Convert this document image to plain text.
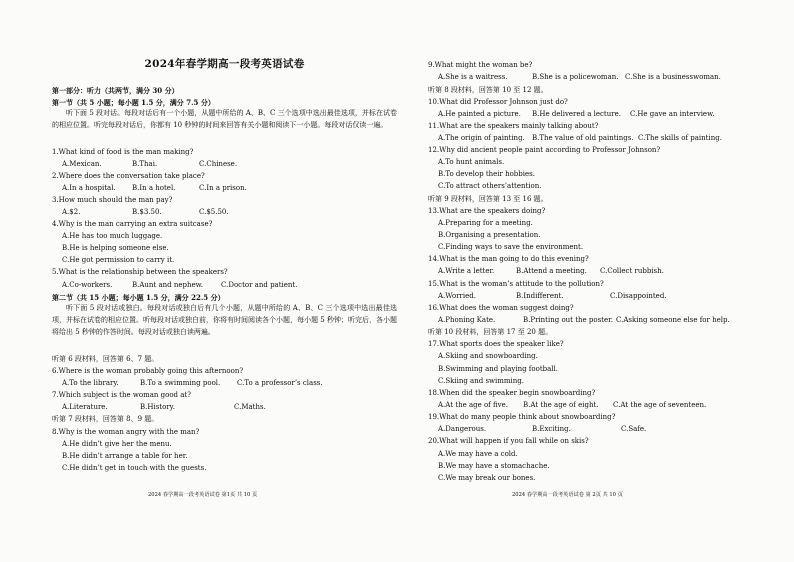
2024年春学期高一段考英语试卷
第一部分：听力（共两节，满分 30 分）
第一节（共 5 小题；每小题 1.5 分，满分 7.5 分）
听下面 5 段对话。每段对话后有一个小题，从题中所给的 A、B、C 三个选项中选出最佳选项，并标在试卷的相应位置。听完每段对话后，你都有 10 秒钟的时间来回答有关小题和阅读下一小题。每段对话仅读一遍。
1.What kind of food is the man making?
A.Mexican.	B.Thai.	C.Chinese.
2.Where does the conversation take place?
A.In a hospital. B.In a hotel.	C.In a prison.
3.How much should the man pay?
A.$2.	B.$3.50.	C.$5.50.
4.Why is the man carrying an extra suitcase?
A.He has too much luggage.
B.He is helping someone else.
C.He got permission to carry it.
5.What is the relationship between the speakers?
A.Co-workers.	B.Aunt and nephew.	C.Doctor and patient.
第二节（共 15 小题；每小题 1.5 分，满分 22.5 分）
听下面 5 段对话或独白。每段对话或独白后有几个小题，从题中所给的 A、B、C 三个选项中选出最佳选项，并标在试卷的相应位置。听每段对话或独白前，你将有时间阅读各个小题，每小题 5 秒钟；听完后，各小题将给出 5 秒钟的作答时间。每段对话或独白读两遍。
听第 6 段材料，回答第 6、7 题。
6.Where is the woman probably going this afternoon?
A.To the library.	B.To a swimming pool. C.To a professor’s class.
7.Which subject is the woman good at?
A.Literature.	B.History.	C.Maths.
听第 7 段材料，回答第 8、9 题。
8.Why is the woman angry with the man?
A.He didn’t give her the menu.
B.He didn’t arrange a table for her.
C.He didn’t get in touch with the guests.
2024 春学期高一段考英语试卷 第1页 共 10 页
9.What might the woman be?
A.She is a waitress.	B.She is a policewoman. C.She is a businesswoman.
听第 8 段材料，回答第 10 至 12 题。
10.What did Professor Johnson just do?
A.He painted a picture. B.He delivered a lecture. C.He gave an interview.
11.What are the speakers mainly talking about?
A.The origin of painting. B.The value of old paintings. C.The skills of painting.
12.Why did ancient people paint according to Professor Johnson?
A.To hunt animals.
B.To develop their hobbies.
C.To attract others’attention.
听第 9 段材料，回答第 13 至 16 题。
13.What are the speakers doing?
A.Preparing for a meeting.
B.Organising a presentation.
C.Finding ways to save the environment.
14.What is the man going to do this evening?
A.Write a letter.	B.Attend a meeting. C.Collect rubbish.
15.What is the woman’s attitude to the pollution?
A.Worried.	B.Indifferent.	C.Disappointed.
16.What does the woman suggest doing?
A.Phoning Kate.	B.Printing out the poster. C.Asking someone else for help.
听第 10 段材料，回答第 17 至 20 题。
17.What sports does the speaker like?
A.Skiing and snowboarding.
B.Swimming and playing football.
C.Skiing and swimming.
18.When did the speaker begin snowboarding?
A.At the age of five. B.At the age of eight. C.At the age of seventeen.
19.What do many people think about snowboarding?
A.Dangerous.	B.Exciting.	C.Safe.
20.What will happen if you fall while on skis?
A.We may have a cold.
B.We may have a stomachache.
C.We may break our bones.
2024 春学期高一段考英语试卷 第 2页 共 10 页
